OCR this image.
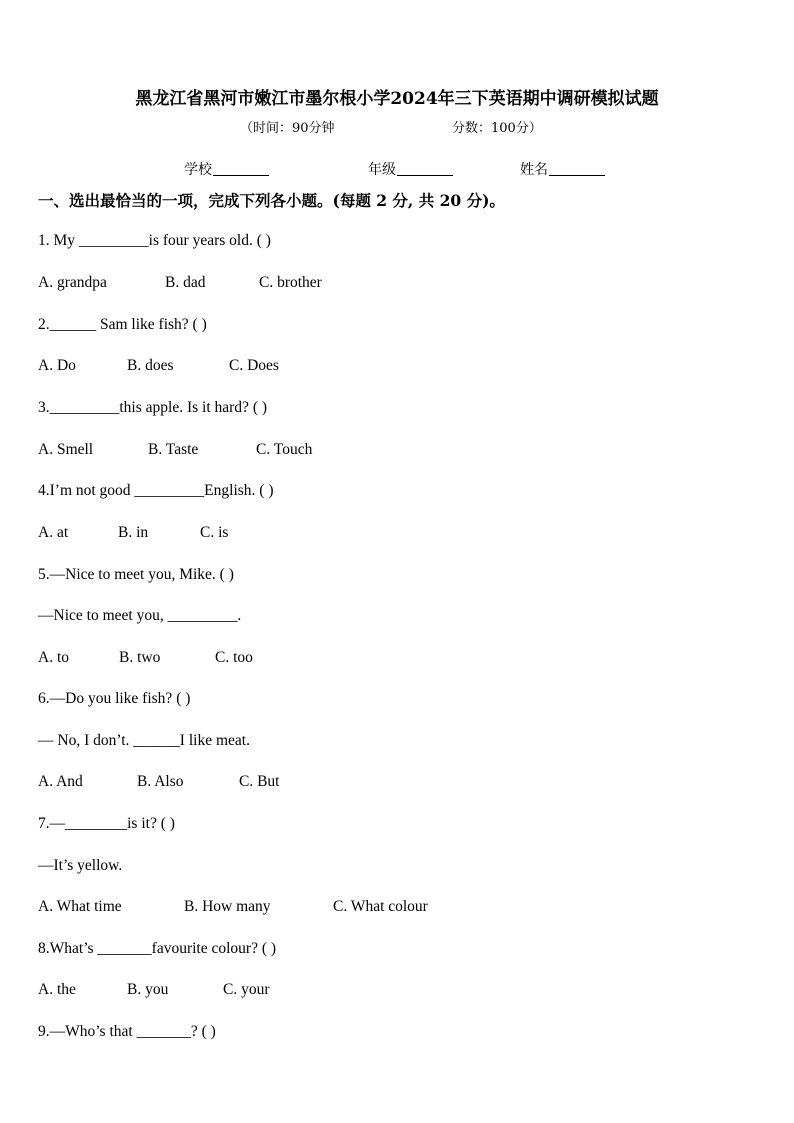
黑龙江省黑河市嫩江市墨尔根小学2024年三下英语期中调研模拟试题
（时间：90分钟	分数：100分）
学校	年级	姓名
一、选出最恰当的一项，完成下列各小题。(每题 2 分, 共 20 分)。
1. My _________is four years old. ( )
A. grandpa	B. dad	C. brother
2.______ Sam like fish? ( )
A. Do	B. does	C. Does
3._________this apple. Is it hard? ( )
A. Smell	B. Taste	C. Touch
4.I’m not good _________English. ( )
A. at	B. in	C. is
5.—Nice to meet you, Mike. ( )
—Nice to meet you, _________.
A. to	B. two	C. too
6.—Do you like fish? ( )
— No, I don’t. ______I like meat.
A. And	B. Also	C. But
7.—________is it? ( )
—It’s yellow.
A. What time	B. How many	C. What colour
8.What’s _______favourite colour? ( )
A. the	B. you	C. your
9.—Who’s that _______? ( )
